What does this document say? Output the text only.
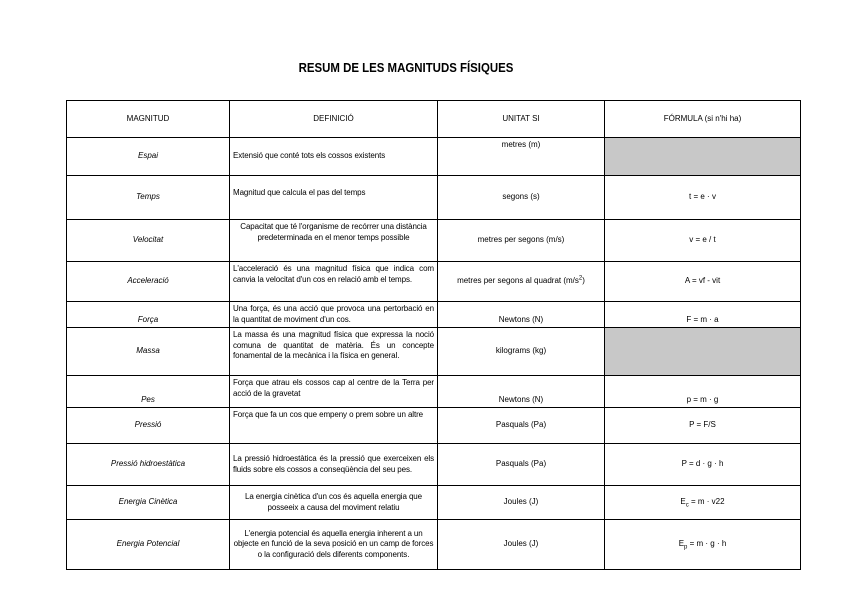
RESUM DE LES MAGNITUDS FÍSIQUES
MAGNITUD	DEFINICIÓ	UNITAT SI	FÓRMULA (si n'hi ha)
Espai	Extensió que conté tots els cossos existents	metres (m)	
Temps	Magnitud que calcula el pas del temps	segons (s)	t = e · v
Velocitat	Capacitat que té l'organisme de recórrer una distància predeterminada en el menor temps possible	metres per segons (m/s)	v = e / t
Acceleració	L'acceleració és una magnitud física que indica com canvia la velocitat d'un cos en relació amb el temps.	metres per segons al quadrat $(m/s^2)$	A = vf - vit
Força	Una força, és una acció que provoca una pertorbació en la quantitat de moviment d'un cos.	Newtons (N)	F = m · a
Massa	La massa és una magnitud física que expressa la noció comuna de quantitat de matèria. És un concepte fonamental de la mecànica i la física en general.	kilograms (kg)	
Pes	Força que atrau els cossos cap al centre de la Terra per acció de la gravetat	Newtons (N)	p = m · g
Pressió	Força que fa un cos que empeny o prem sobre un altre	Pasquals (Pa)	P = F/S
Pressió hidroestàtica	La pressió hidroestàtica és la pressió que exerceixen els fluids sobre els cossos a conseqüència del seu pes.	Pasquals (Pa)	P = d · g · h
Energia Cinètica	La energia cinètica d'un cos és aquella energia que posseeix a causa del moviment relatiu	Joules (J)	$E_c = m \cdot v22$
Energia Potencial	L'energia potencial és aquella energia inherent a un objecte en funció de la seva posició en un camp de forces o la configuració dels diferents components.	Joules (J)	$E_p = m \cdot g \cdot h$
